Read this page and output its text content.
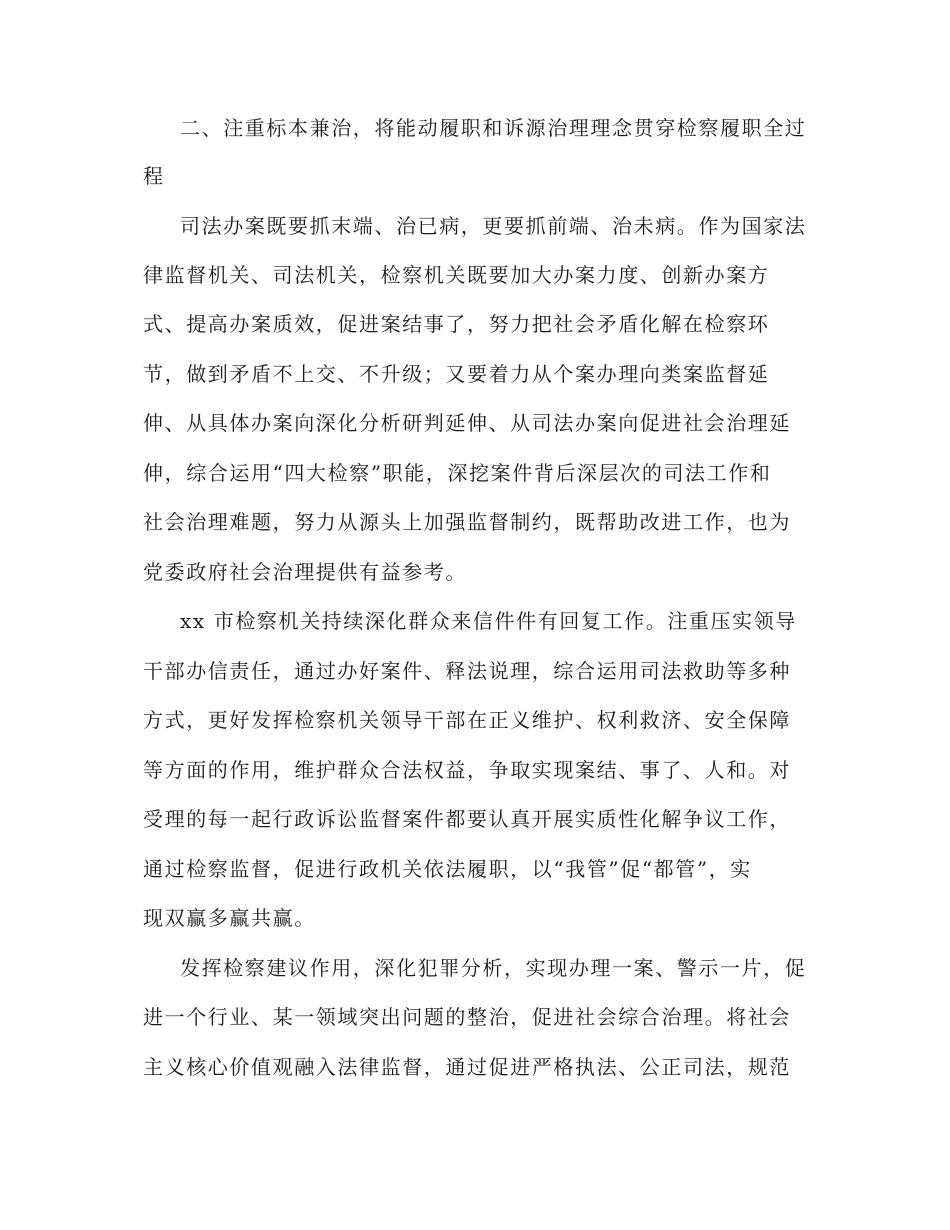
二、注重标本兼治，将能动履职和诉源治理理念贯穿检察履职全过
程
司法办案既要抓末端、治已病，更要抓前端、治未病。作为国家法
律监督机关、司法机关，检察机关既要加大办案力度、创新办案方
式、提高办案质效，促进案结事了，努力把社会矛盾化解在检察环
节，做到矛盾不上交、不升级；又要着力从个案办理向类案监督延
伸、从具体办案向深化分析研判延伸、从司法办案向促进社会治理延
伸，综合运用“四大检察”职能，深挖案件背后深层次的司法工作和
社会治理难题，努力从源头上加强监督制约，既帮助改进工作，也为
党委政府社会治理提供有益参考。
xx 市检察机关持续深化群众来信件件有回复工作。注重压实领导
干部办信责任，通过办好案件、释法说理，综合运用司法救助等多种
方式，更好发挥检察机关领导干部在正义维护、权利救济、安全保障
等方面的作用，维护群众合法权益，争取实现案结、事了、人和。对
受理的每一起行政诉讼监督案件都要认真开展实质性化解争议工作，
通过检察监督，促进行政机关依法履职，以“我管”促“都管”，实
现双赢多赢共赢。
发挥检察建议作用，深化犯罪分析，实现办理一案、警示一片，促
进一个行业、某一领域突出问题的整治，促进社会综合治理。将社会
主义核心价值观融入法律监督，通过促进严格执法、公正司法，规范
